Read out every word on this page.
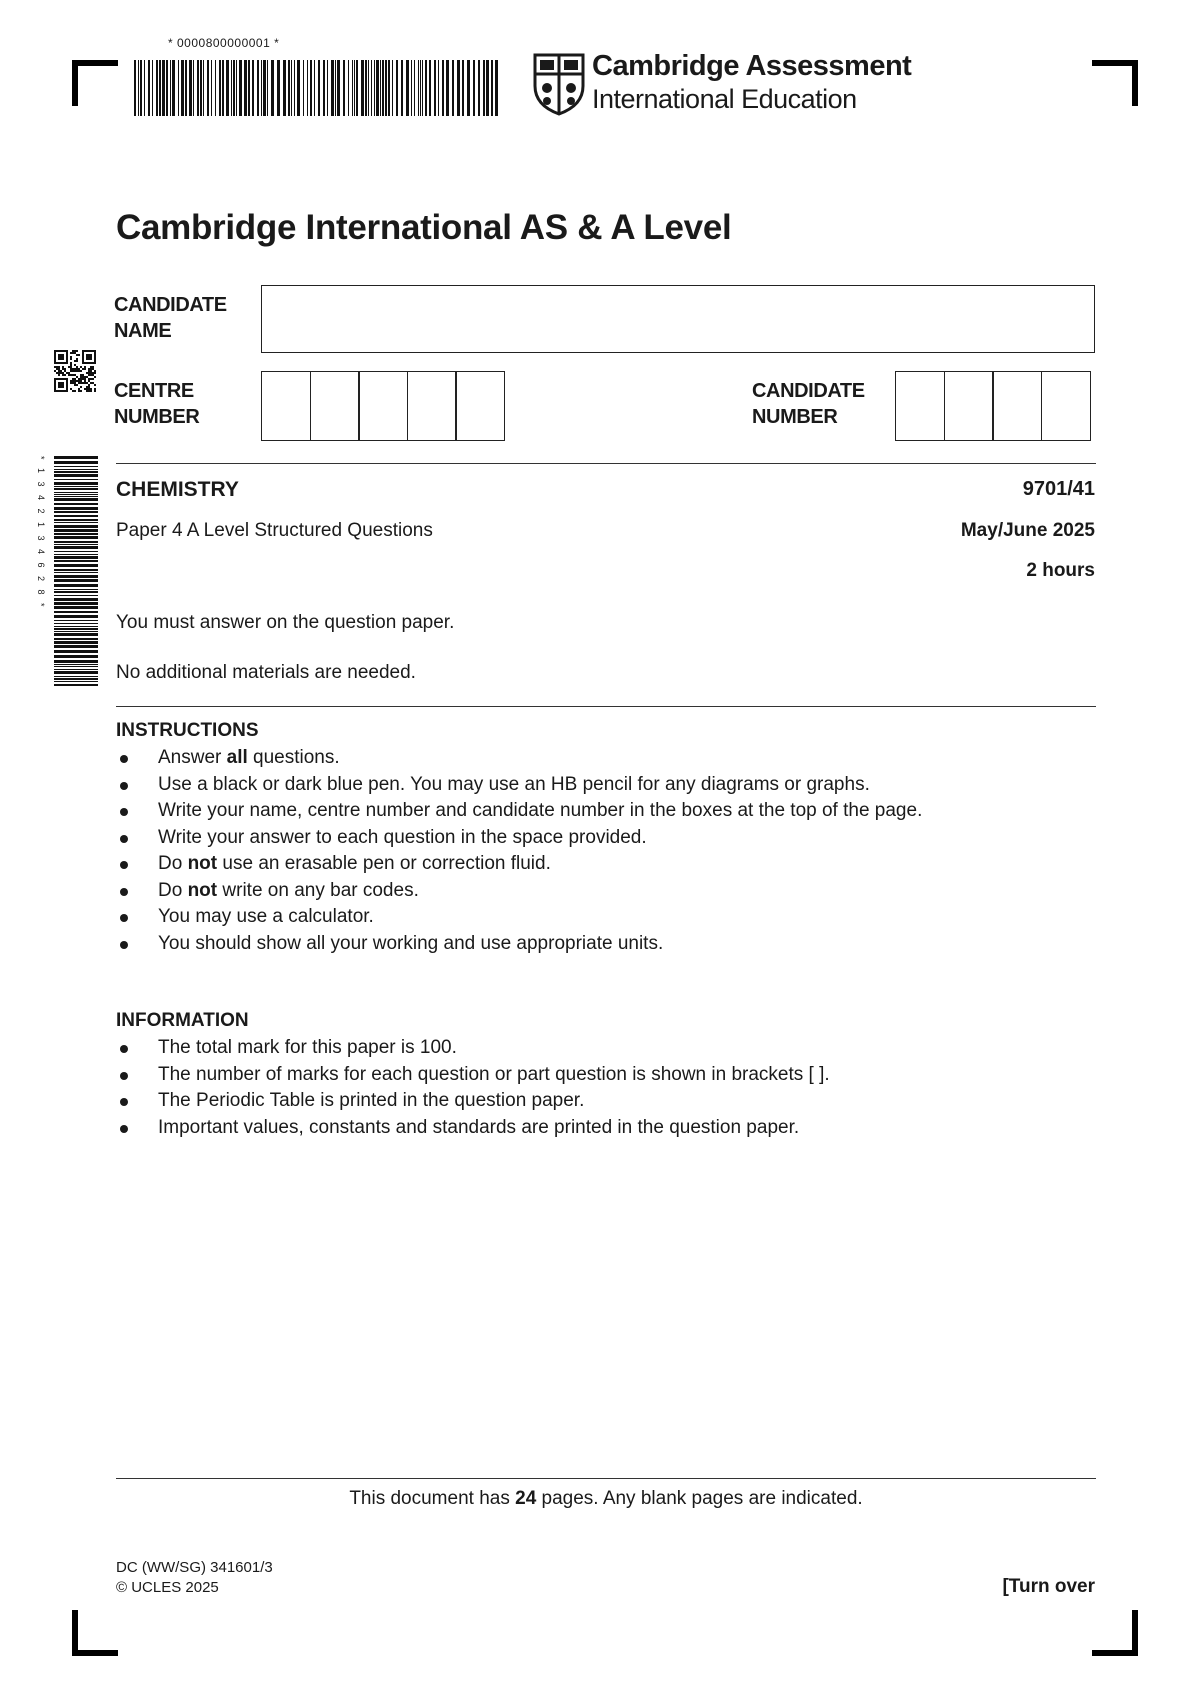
* 0000800000001 *
Cambridge Assessment
International Education
* 1 3 4 2 1 3 4 6 2 8 *
Cambridge International AS & A Level
CANDIDATE
NAME
CENTRE
NUMBER
CANDIDATE
NUMBER
CHEMISTRY	9701/41
Paper 4 A Level Structured Questions	May/June 2025
2 hours
You must answer on the question paper.
No additional materials are needed.
INSTRUCTIONS
Answer all questions.
Use a black or dark blue pen. You may use an HB pencil for any diagrams or graphs.
Write your name, centre number and candidate number in the boxes at the top of the page.
Write your answer to each question in the space provided.
Do not use an erasable pen or correction fluid.
Do not write on any bar codes.
You may use a calculator.
You should show all your working and use appropriate units.
INFORMATION
The total mark for this paper is 100.
The number of marks for each question or part question is shown in brackets [ ].
The Periodic Table is printed in the question paper.
Important values, constants and standards are printed in the question paper.
This document has 24 pages. Any blank pages are indicated.
DC (WW/SG) 341601/3
© UCLES 2025	[Turn over
